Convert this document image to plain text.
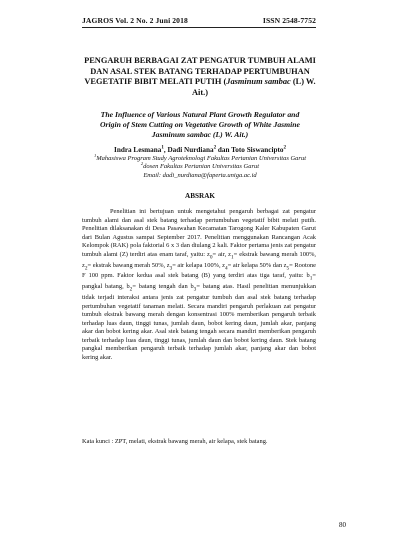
JAGROS Vol. 2 No. 2 Juni 2018	ISSN 2548-7752
PENGARUH BERBAGAI ZAT PENGATUR TUMBUH ALAMI DAN ASAL STEK BATANG TERHADAP PERTUMBUHAN VEGETATIF BIBIT MELATI PUTIH (Jasminum sambac (L) W. Ait.)
The Influence of Various Natural Plant Growth Regulator and Origin of Stem Cutting on Vegetative Growth of White Jasmine Jasminum sambac (L) W. Ait.)
Indra Lesmana$^1$, Dadi Nurdiana$^2$ dan Toto Siswancipto$^2$
$^1$Mahasiswa Program Study Agroteknologi Fakultas Pertanian Universitas Garut
$^2$dosen Fakultas Pertanian Universitas Garut
Email: dadi_nurdiana@faperta.uniga.ac.id
ABSRAK

Penelitian ini bertujuan untuk mengetahui pengaruh berbagai zat pengatur tumbuh alami dan asal stek batang terhadap pertumbuhan vegetatif bibit melati putih. Penelitian dilaksanakan di Desa Pasawahan Kecamatan Tarogong Kaler Kabupaten Garut dari Bulan Agustus sampai September 2017. Penelitian menggunakan Rancangan Acak Kelompok (RAK) pola faktorial 6 x 3 dan diulang 2 kali. Faktor pertama jenis zat pengatur tumbuh alami (Z) terdiri atas enam taraf, yaitu: $z_0=$ air, $z_1=$ ekstrak bawang merah 100%, $z_2=$ ekstrak bawang merah 50%, $z_3=$ air kelapa 100%, $z_4=$ air kelapa 50% dan $z_5=$ Rootone F 100 ppm. Faktor kedua asal stek batang (B) yang terdiri atas tiga taraf, yaitu: $b_1=$ pangkal batang, $b_2= batang$ tengah dan $b_3= batang$ atas. Hasil penelitian menunjukkan tidak terjadi interaksi antara jenis zat pengatur tumbuh dan asal stek batang terhadap pertumbuhan vegetatif tanaman melati. Secara mandiri pengaruh perlakuan zat pengatur tumbuh ekstrak bawang merah dengan konsentrasi 100% memberikan pengaruh terbaik terhadap luas daun, tinggi tunas, jumlah daun, bobot kering daun, jumlah akar, panjang akar dan bobot kering akar. Asal stek batang tengah secara mandiri memberikan pengaruh terbaik terhadap luas daun, tinggi tunas, jumlah daun dan bobot kering daun. Stek batang pangkal memberikan pengaruh terbaik terhadap jumlah akar, panjang akar dan bobot kering akar.

Kata kunci : ZPT, melati, ekstrak bawang merah, air kelapa, stek batang.
80
